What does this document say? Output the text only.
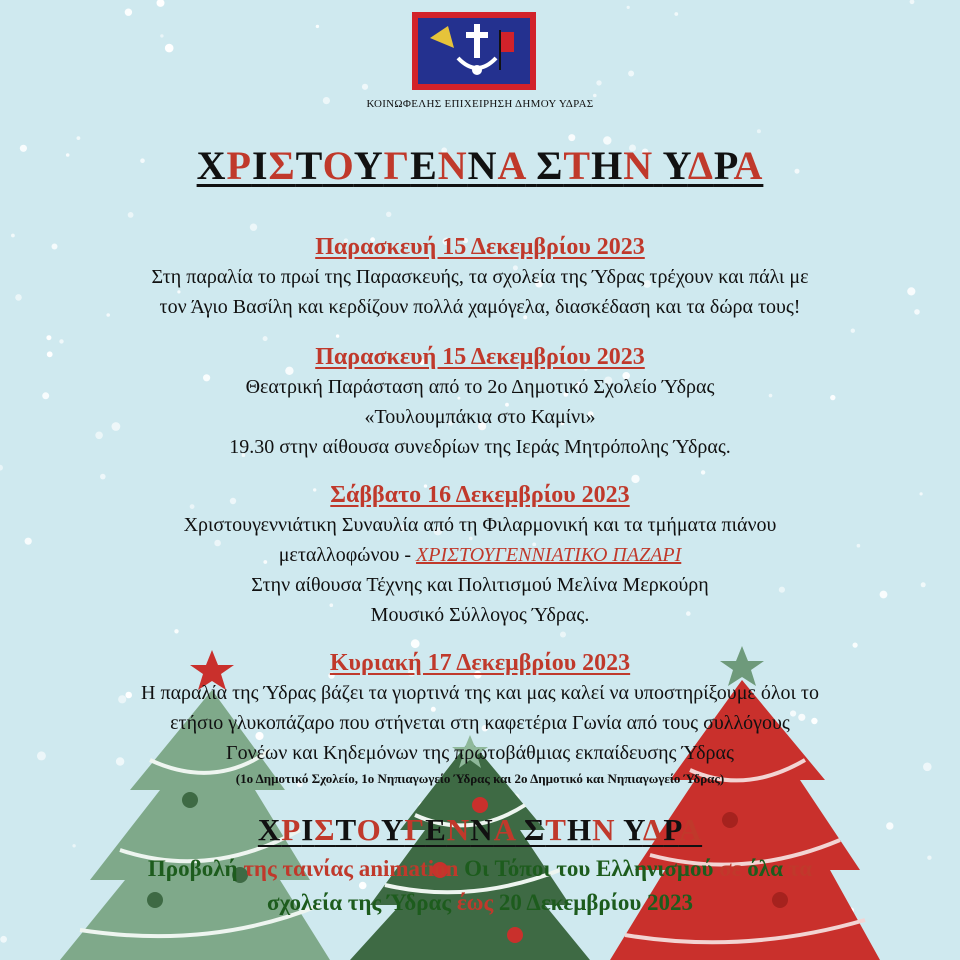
ΚΟΙΝΩΦΕΛΗΣ ΕΠΙΧΕΙΡΗΣΗ ΔΗΜΟΥ ΥΔΡΑΣ
ΧΡΙΣΤΟΥΓΕΝΝΑ ΣΤΗΝ ΥΔΡΑ
Παρασκευή 15 Δεκεμβρίου 2023
Στη παραλία το πρωί της Παρασκευής, τα σχολεία της Ύδρας τρέχουν και πάλι με
τον Άγιο Βασίλη και κερδίζουν πολλά χαμόγελα, διασκέδαση και τα δώρα τους!
Παρασκευή 15 Δεκεμβρίου 2023
Θεατρική Παράσταση από το 2ο Δημοτικό Σχολείο Ύδρας
«Τουλουμπάκια στο Καμίνι»
19.30 στην αίθουσα συνεδρίων της Ιεράς Μητρόπολης Ύδρας.
Σάββατο 16 Δεκεμβρίου 2023
Χριστουγεννιάτικη Συναυλία από τη Φιλαρμονική και τα τμήματα πιάνου
μεταλλοφώνου - ΧΡΙΣΤΟΥΓΕΝΝΙΑΤΙΚΟ ΠΑΖΑΡΙ
Στην αίθουσα Τέχνης και Πολιτισμού Μελίνα Μερκούρη
Μουσικό Σύλλογος Ύδρας.
Κυριακή 17 Δεκεμβρίου 2023
Η παραλία της Ύδρας βάζει τα γιορτινά της και μας καλεί να υποστηρίξουμε όλοι το
ετήσιο γλυκοπάζαρο που στήνεται στη καφετέρια Γωνία από τους συλλόγους
Γονέων και Κηδεμόνων της πρωτοβάθμιας εκπαίδευσης Ύδρας
(1ο Δημοτικό Σχολείο, 1ο Νηπιαγωγείο Ύδρας και 2ο Δημοτικό και Νηπιαγωγείο Ύδρας)
ΧΡΙΣΤΟΥΓΕΝΝΑ ΣΤΗΝ ΥΔΡΑ
Προβολή της ταινίας animation Οι Τόποι του Ελληνισμού σε όλα τα
σχολεία της Ύδρας έως 20 Δεκεμβρίου 2023
